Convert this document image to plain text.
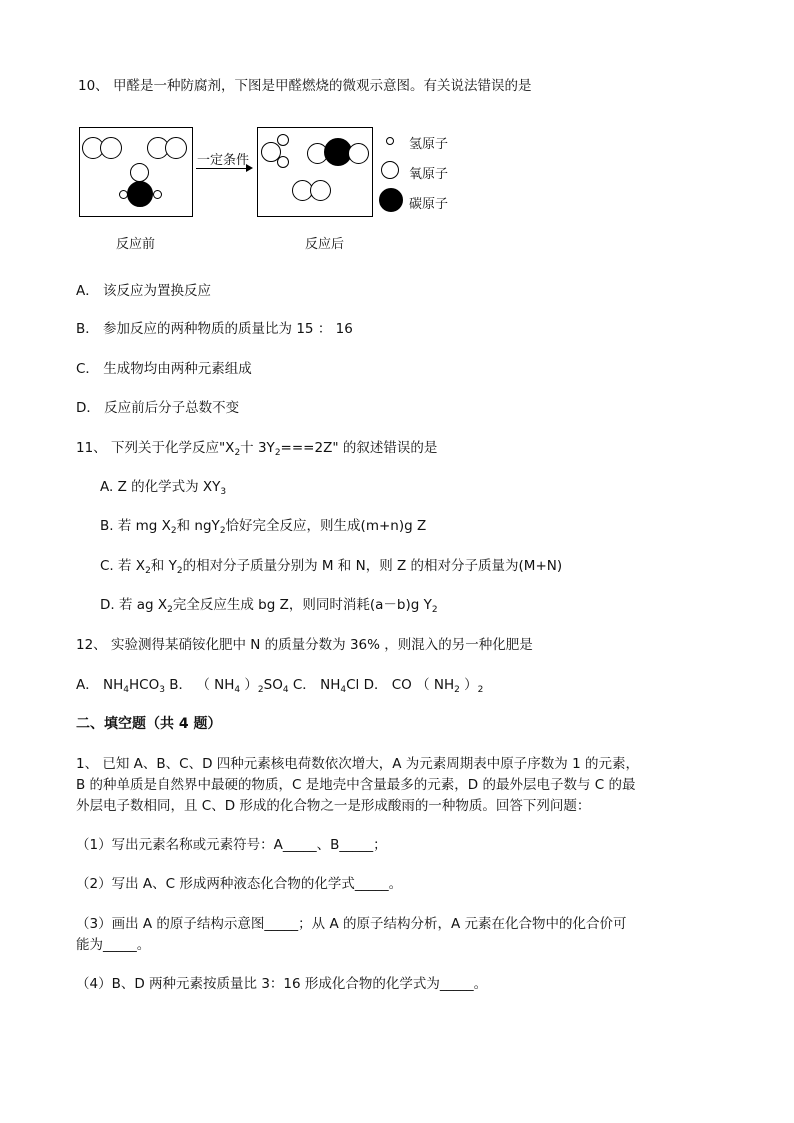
10、 甲醛是一种防腐剂，下图是甲醛燃烧的微观示意图。有关说法错误的是
一定条件
氢原子
氧原子
碳原子
反应前	反应后
A． 该反应为置换反应
B． 参加反应的两种物质的质量比为 15 ： 16
C． 生成物均由两种元素组成
D． 反应前后分子总数不变
11、 下列关于化学反应"$X_2$十 $3Y_2===2Z$" 的叙述错误的是
A. Z 的化学式为 $XY_3$
B. 若 mg $X_2$和 ngY$_2$恰好完全反应，则生成(m+n)g Z
C. 若 $X_2$和 $Y_2$的相对分子质量分别为 M 和 N，则 Z 的相对分子质量为(M+N)
D. 若 ag $X_2$完全反应生成 bg Z，则同时消耗(a－b)g $Y_2$
12、 实验测得某硝铵化肥中 N 的质量分数为 36% ，则混入的另一种化肥是
A． $NH_4HCO_3$ B． （ $NH_4$ ）$_2SO_4$ C． $NH_4Cl$ D． CO （ $NH_2$ ）$_2$
二、填空题（共 4 题）
1、 已知 A、B、C、D 四种元素核电荷数依次增大，A 为元素周期表中原子序数为 1 的元素，
B 的种单质是自然界中最硬的物质，C 是地壳中含量最多的元素，D 的最外层电子数与 C 的最
外层电子数相同，且 C、D 形成的化合物之一是形成酸雨的一种物质。回答下列问题：
（1）写出元素名称或元素符号：A_____、B_____；
（2）写出 A、C 形成两种液态化合物的化学式_____。
（3）画出 A 的原子结构示意图_____；从 A 的原子结构分析，A 元素在化合物中的化合价可
能为_____。
（4）B、D 两种元素按质量比 3：16 形成化合物的化学式为_____。
